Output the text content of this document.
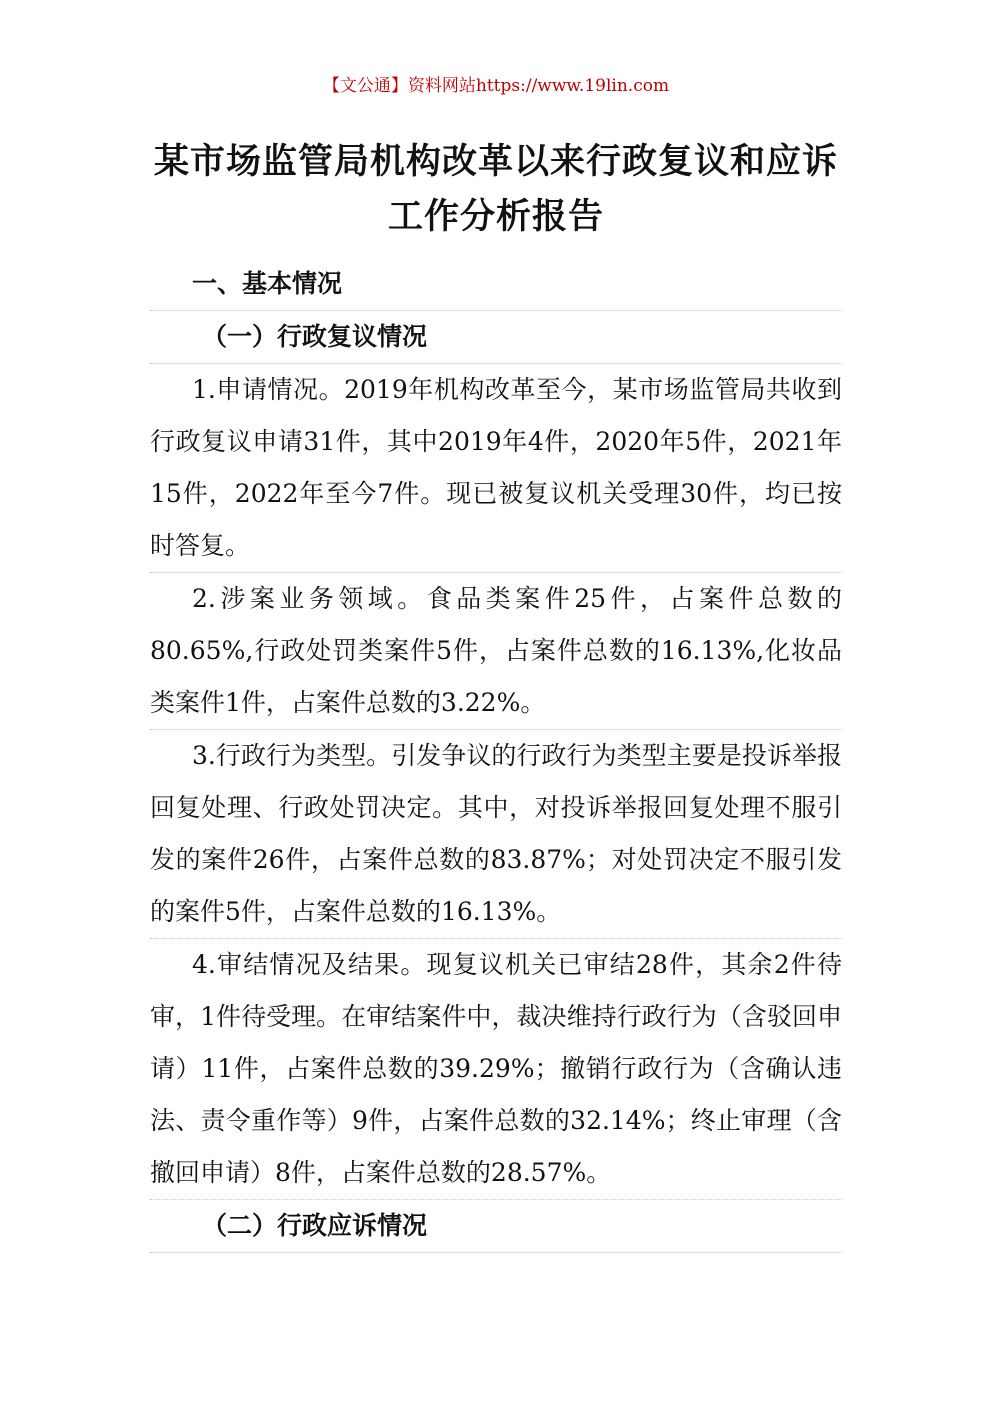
【文公通】资料网站https://www.19lin.com
某市场监管局机构改革以来行政复议和应诉工作分析报告
一、基本情况
（一）行政复议情况
1.申请情况。2019年机构改革至今，某市场监管局共收到行政复议申请31件，其中2019年4件，2020年5件，2021年15件，2022年至今7件。现已被复议机关受理30件，均已按时答复。
2.涉案业务领域。食品类案件25件，占案件总数的80.65%,行政处罚类案件5件，占案件总数的16.13%,化妆品类案件1件，占案件总数的3.22%。
3.行政行为类型。引发争议的行政行为类型主要是投诉举报回复处理、行政处罚决定。其中，对投诉举报回复处理不服引发的案件26件，占案件总数的83.87%；对处罚决定不服引发的案件5件，占案件总数的16.13%。
4.审结情况及结果。现复议机关已审结28件，其余2件待审，1件待受理。在审结案件中，裁决维持行政行为（含驳回申请）11件，占案件总数的39.29%；撤销行政行为（含确认违法、责令重作等）9件，占案件总数的32.14%；终止审理（含撤回申请）8件，占案件总数的28.57%。
（二）行政应诉情况
